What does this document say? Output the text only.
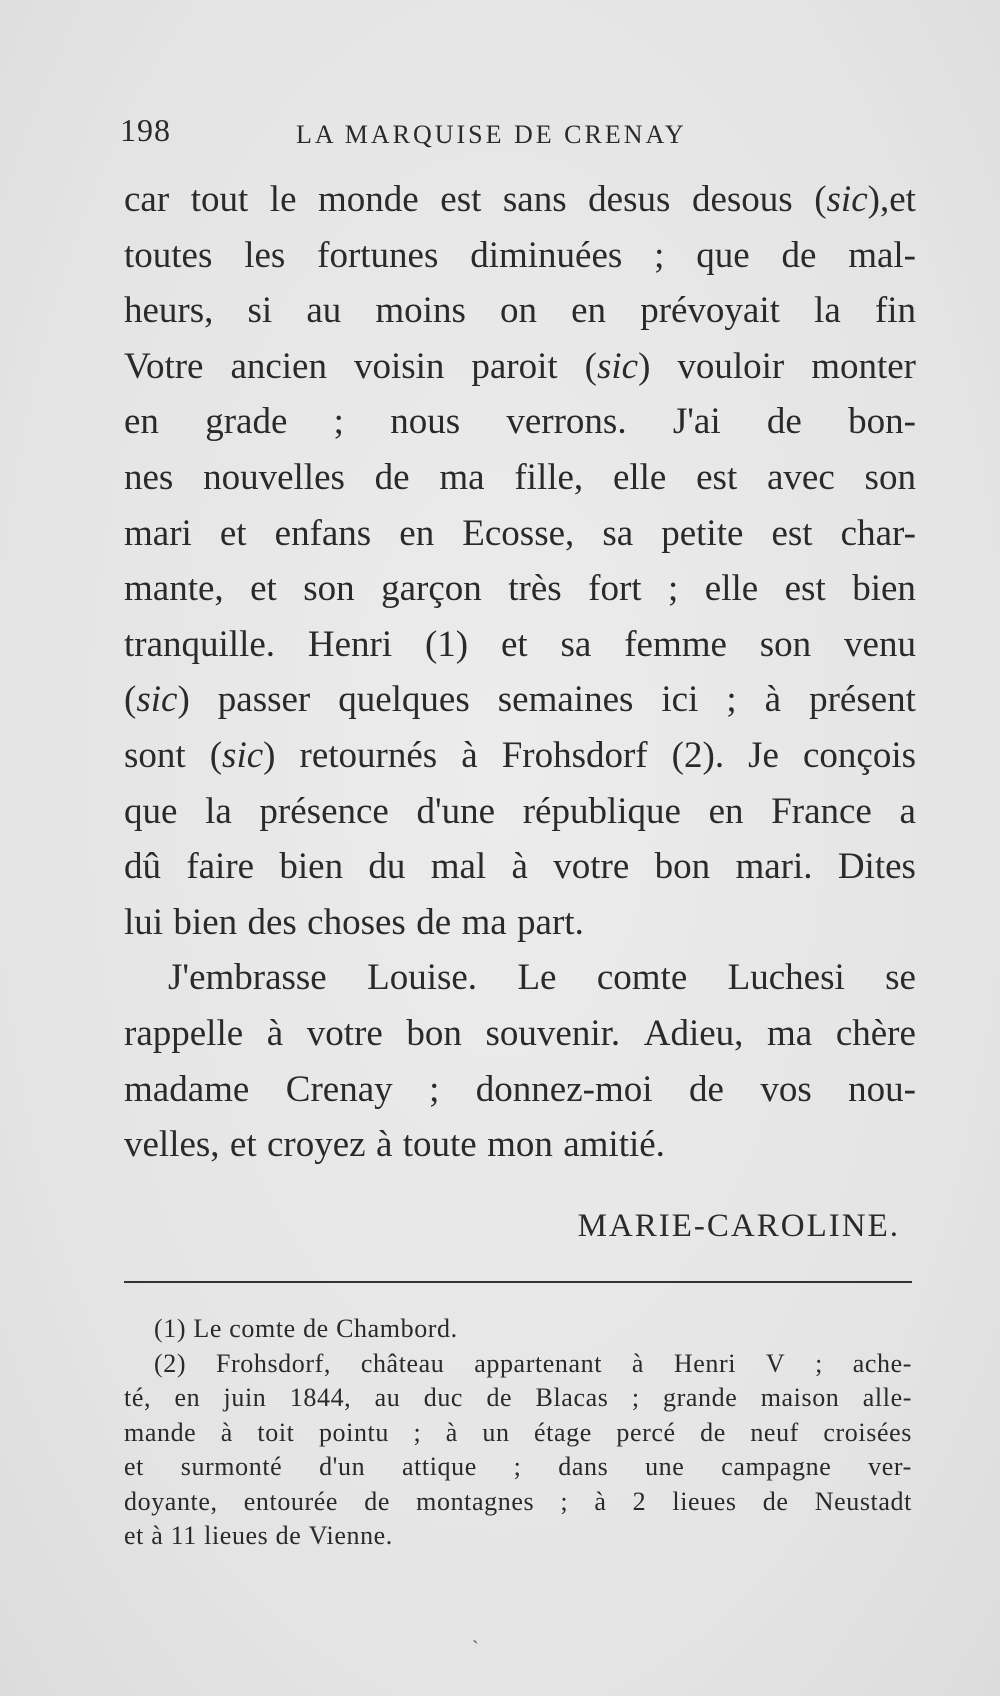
198	LA MARQUISE DE CRENAY
car tout le monde est sans desus desous (sic),et
toutes les fortunes diminuées ; que de mal-
heurs, si au moins on en prévoyait la fin
Votre ancien voisin paroit (sic) vouloir monter
en grade ; nous verrons. J'ai de bon-
nes nouvelles de ma fille, elle est avec son
mari et enfans en Ecosse, sa petite est char-
mante, et son garçon très fort ; elle est bien
tranquille. Henri (1) et sa femme son venu
(sic) passer quelques semaines ici ; à présent
sont (sic) retournés à Frohsdorf (2). Je conçois
que la présence d'une république en France a
dû faire bien du mal à votre bon mari. Dites
lui bien des choses de ma part.
J'embrasse Louise. Le comte Luchesi se
rappelle à votre bon souvenir. Adieu, ma chère
madame Crenay ; donnez-moi de vos nou-
velles, et croyez à toute mon amitié.
MARIE-CAROLINE.
(1) Le comte de Chambord.
(2) Frohsdorf, château appartenant à Henri V ; ache-
té, en juin 1844, au duc de Blacas ; grande maison alle-
mande à toit pointu ; à un étage percé de neuf croisées
et surmonté d'un attique ; dans une campagne ver-
doyante, entourée de montagnes ; à 2 lieues de Neustadt
et à 11 lieues de Vienne.
ˏ
